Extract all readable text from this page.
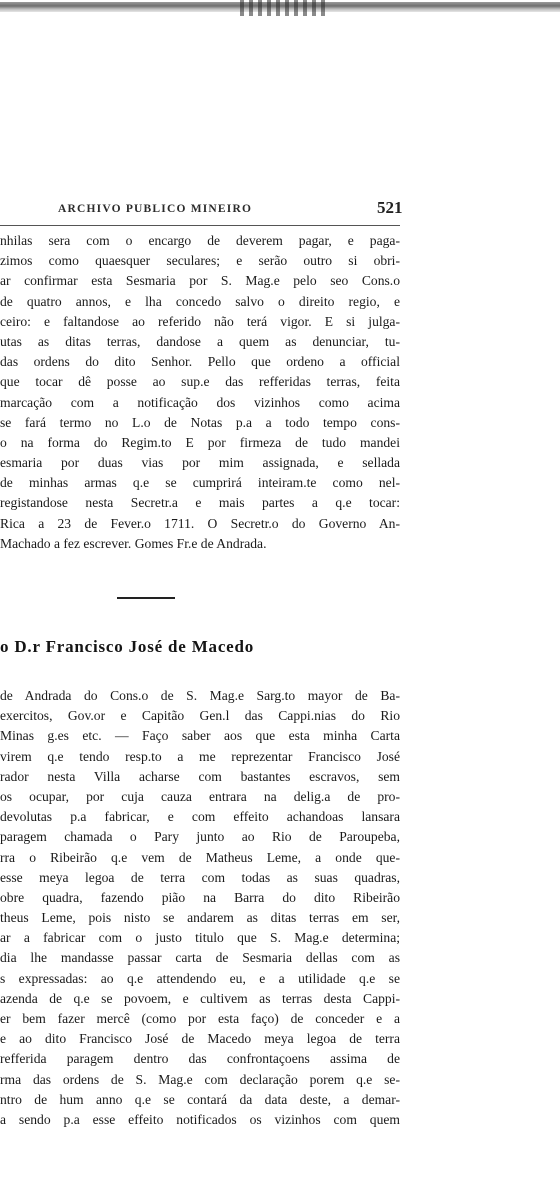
ARCHIVO PUBLICO MINEIRO	521
nhilas sera com o encargo de deverem pagar, e paga-
zimos como quaesquer seculares; e serão outro si obri-
ar confirmar esta Sesmaria por S. Mag.e pelo seo Cons.o
de quatro annos, e lha concedo salvo o direito regio, e
ceiro: e faltandose ao referido não terá vigor. E si julga-
utas as ditas terras, dandose a quem as denunciar, tu-
das ordens do dito Senhor. Pello que ordeno a official
que tocar dê posse ao sup.e das refferidas terras, feita
marcação com a notificação dos vizinhos como acima
se fará termo no L.o de Notas p.a a todo tempo cons-
o na forma do Regim.to E por firmeza de tudo mandei
esmaria por duas vias por mim assignada, e sellada
de minhas armas q.e se cumprirá inteiram.te como nel-
registandose nesta Secretr.a e mais partes a q.e tocar:
Rica a 23 de Fever.o 1711. O Secretr.o do Governo An-
Machado a fez escrever. Gomes Fr.e de Andrada.
o D.r Francisco José de Macedo
de Andrada do Cons.o de S. Mag.e Sarg.to mayor de Ba-
exercitos, Gov.or e Capitão Gen.l das Cappi.nias do Rio
Minas g.es etc. — Faço saber aos que esta minha Carta
virem q.e tendo resp.to a me reprezentar Francisco José
rador nesta Villa acharse com bastantes escravos, sem
os ocupar, por cuja cauza entrara na delig.a de pro-
devolutas p.a fabricar, e com effeito achandoas lansara
paragem chamada o Pary junto ao Rio de Paroupeba,
rra o Ribeirão q.e vem de Matheus Leme, a onde que-
esse meya legoa de terra com todas as suas quadras,
obre quadra, fazendo pião na Barra do dito Ribeirão
theus Leme, pois nisto se andarem as ditas terras em ser,
ar a fabricar com o justo titulo que S. Mag.e determina;
dia lhe mandasse passar carta de Sesmaria dellas com as
s expressadas: ao q.e attendendo eu, e a utilidade q.e se
azenda de q.e se povoem, e cultivem as terras desta Cappi-
er bem fazer mercê (como por esta faço) de conceder e a
e ao dito Francisco José de Macedo meya legoa de terra
refferida paragem dentro das confrontaçoens assima de
rma das ordens de S. Mag.e com declaração porem q.e se-
ntro de hum anno q.e se contará da data deste, a demar-
a sendo p.a esse effeito notificados os vizinhos com quem
